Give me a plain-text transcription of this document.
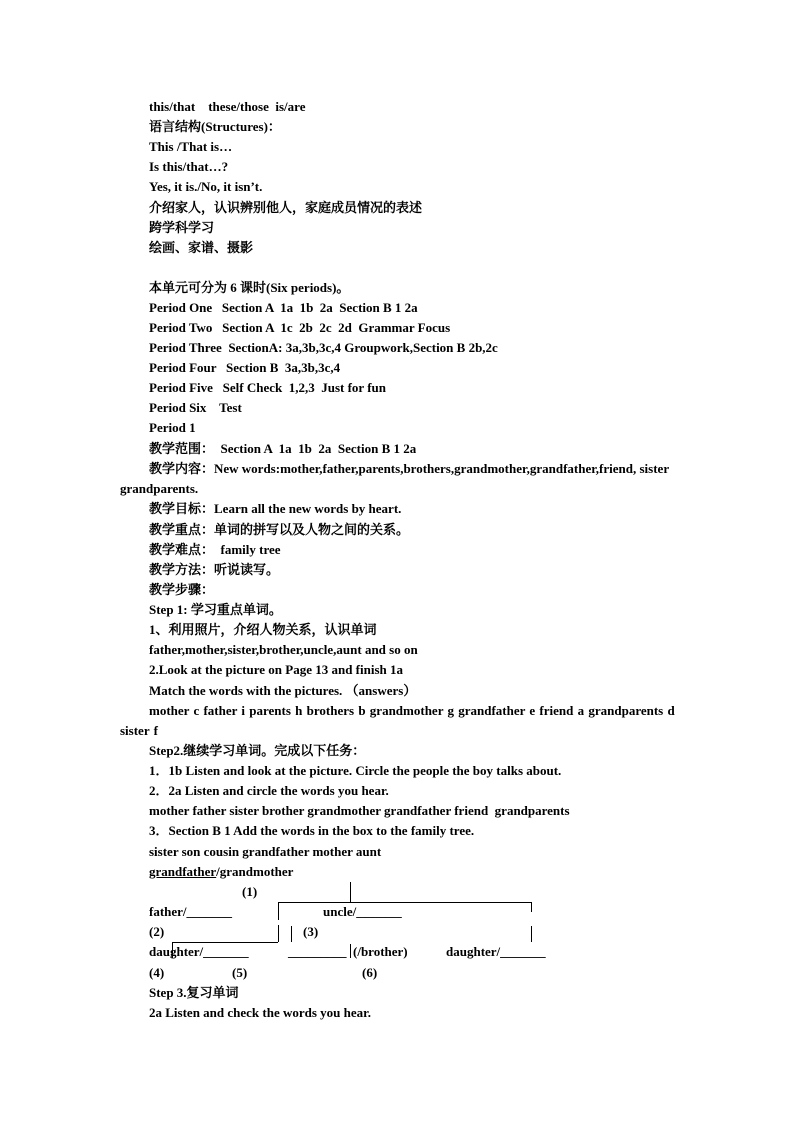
this/that    these/those  is/are
语言结构(Structures)：
This /That is…
Is this/that…?
Yes, it is./No, it isn’t.
介绍家人，认识辨别他人，家庭成员情况的表述
跨学科学习
绘画、家谱、摄影
本单元可分为 6 课时(Six periods)。
Period One   Section A  1a  1b  2a  Section B 1 2a
Period Two   Section A  1c  2b  2c  2d  Grammar Focus
Period Three  SectionA: 3a,3b,3c,4 Groupwork,Section B 2b,2c
Period Four   Section B  3a,3b,3c,4
Period Five   Self Check  1,2,3  Just for fun
Period Six    Test
Period 1
教学范围：  Section A  1a  1b  2a  Section B 1 2a
教学内容：New words:mother,father,parents,brothers,grandmother,grandfather,friend, sister grandparents.
教学目标：Learn all the new words by heart.
教学重点：单词的拼写以及人物之间的关系。
教学难点：  family tree
教学方法：听说读写。
教学步骤：
Step 1: 学习重点单词。
1、利用照片，介绍人物关系，认识单词
father,mother,sister,brother,uncle,aunt and so on
2.Look at the picture on Page 13 and finish 1a
Match the words with the pictures. （answers）
mother c father i parents h brothers b grandmother g grandfather e friend a grandparents d sister f
Step2.继续学习单词。完成以下任务：
1．1b Listen and look at the picture. Circle the people the boy talks about.
2．2a Listen and circle the words you hear.
mother father sister brother grandmother grandfather friend  grandparents
3．Section B 1 Add the words in the box to the family tree.
sister son cousin grandfather mother aunt
grandfather/grandmother
(1)
father/_______	uncle/_______
(2)	(3)
daughter/_______	_________ (/brother)	daughter/_______
(4)	(5)	(6)
Step 3.复习单词
2a Listen and check the words you hear.
